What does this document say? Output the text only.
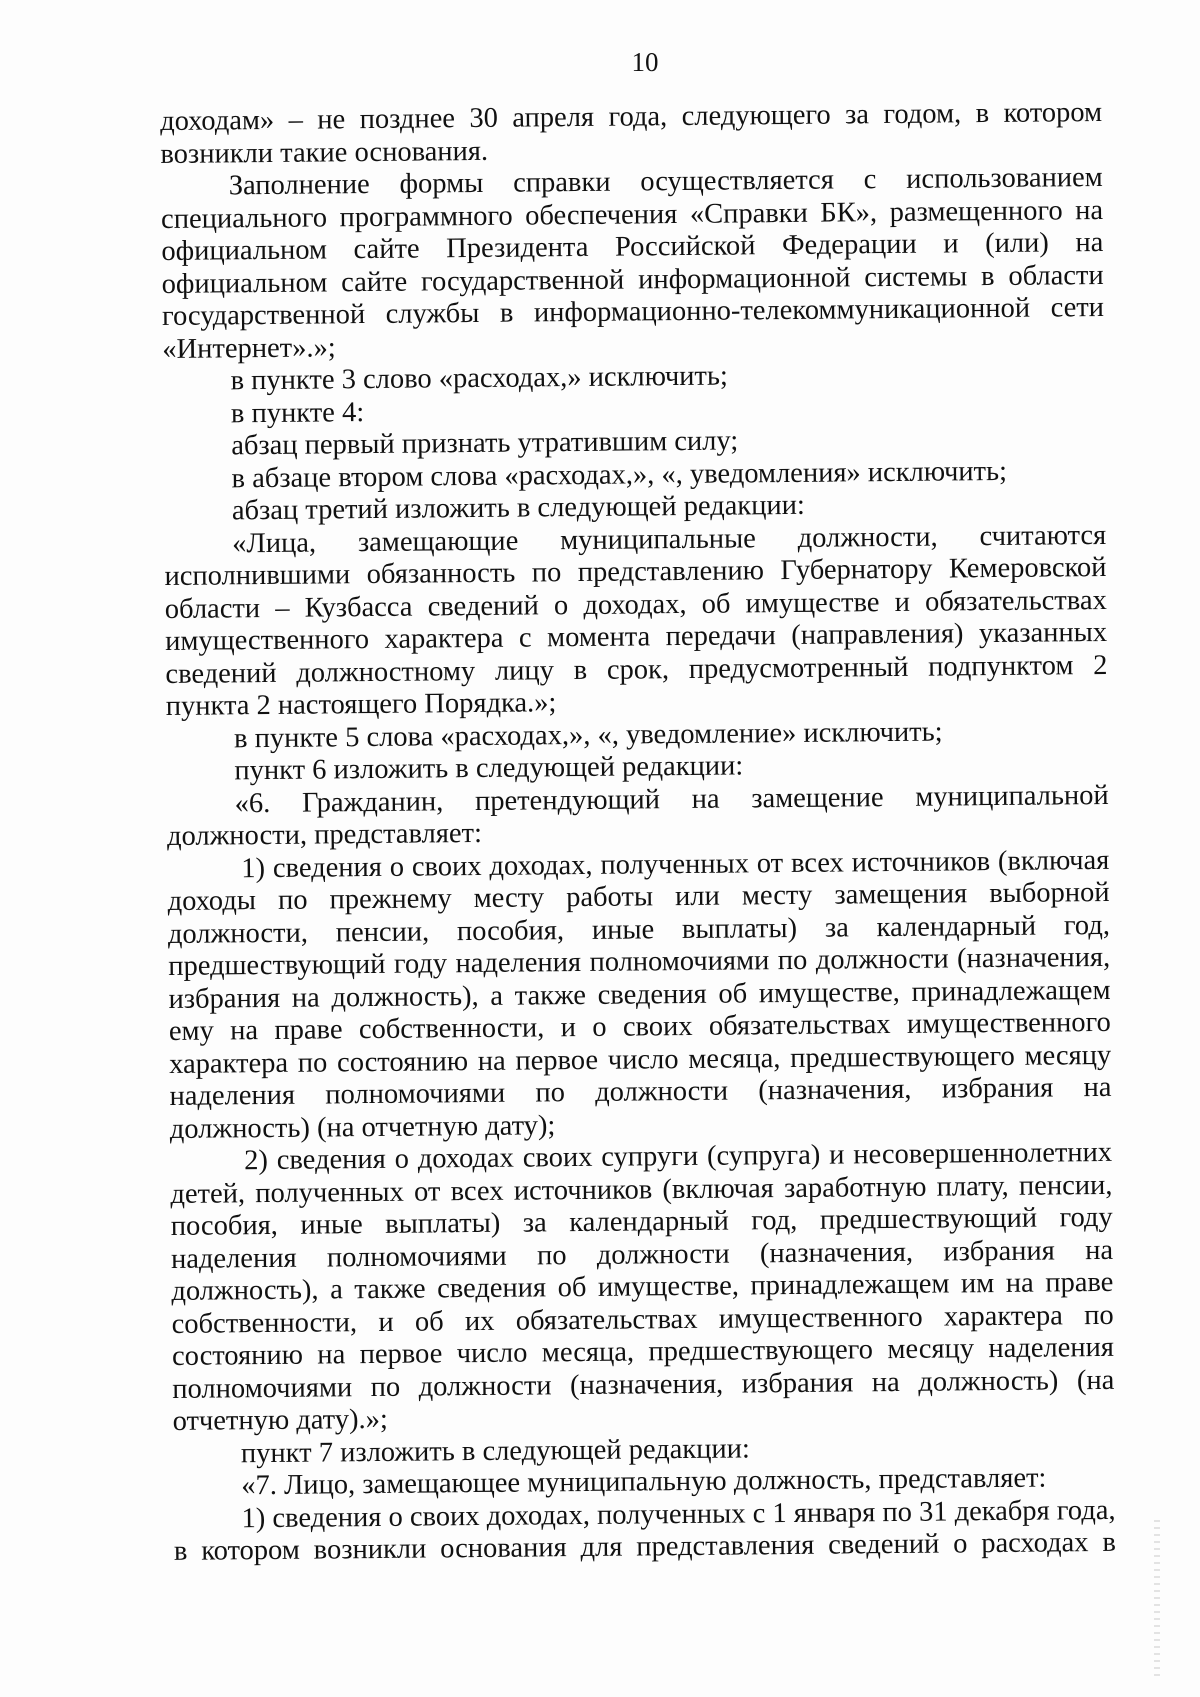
10

доходам» – не позднее 30 апреля года, следующего за годом, в котором возникли такие основания.

Заполнение формы справки осуществляется с использованием специального программного обеспечения «Справки БК», размещенного на официальном сайте Президента Российской Федерации и (или) на официальном сайте государственной информационной системы в области государственной службы в информационно-телекоммуникационной сети «Интернет».»;

в пункте 3 слово «расходах,» исключить;

в пункте 4:

абзац первый признать утратившим силу;

в абзаце втором слова «расходах,», «, уведомления» исключить;

абзац третий изложить в следующей редакции:

«Лица, замещающие муниципальные должности, считаются исполнившими обязанность по представлению Губернатору Кемеровской области – Кузбасса сведений о доходах, об имуществе и обязательствах имущественного характера с момента передачи (направления) указанных сведений должностному лицу в срок, предусмотренный подпунктом 2 пункта 2 настоящего Порядка.»;

в пункте 5 слова «расходах,», «, уведомление» исключить;

пункт 6 изложить в следующей редакции:

«6. Гражданин, претендующий на замещение муниципальной должности, представляет:

1) сведения о своих доходах, полученных от всех источников (включая доходы по прежнему месту работы или месту замещения выборной должности, пенсии, пособия, иные выплаты) за календарный год, предшествующий году наделения полномочиями по должности (назначения, избрания на должность), а также сведения об имуществе, принадлежащем ему на праве собственности, и о своих обязательствах имущественного характера по состоянию на первое число месяца, предшествующего месяцу наделения полномочиями по должности (назначения, избрания на должность) (на отчетную дату);

2) сведения о доходах своих супруги (супруга) и несовершеннолетних детей, полученных от всех источников (включая заработную плату, пенсии, пособия, иные выплаты) за календарный год, предшествующий году наделения полномочиями по должности (назначения, избрания на должность), а также сведения об имуществе, принадлежащем им на праве собственности, и об их обязательствах имущественного характера по состоянию на первое число месяца, предшествующего месяцу наделения полномочиями по должности (назначения, избрания на должность) (на отчетную дату).»;

пункт 7 изложить в следующей редакции:

«7. Лицо, замещающее муниципальную должность, представляет:

1) сведения о своих доходах, полученных с 1 января по 31 декабря года, в котором возникли основания для представления сведений о расходах в
